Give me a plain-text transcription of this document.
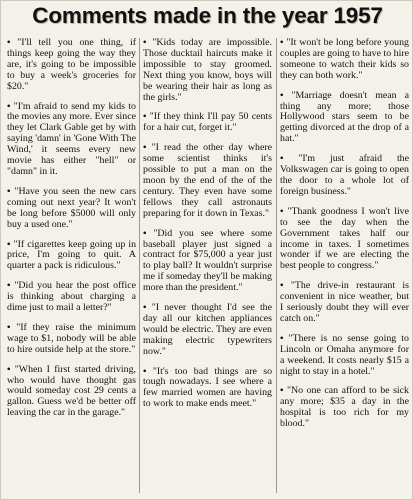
Comments made in the year 1957

• "I'll tell you one thing, if things keep going the way they are, it's going to be impossible to buy a week's groceries for $20."

• "I'm afraid to send my kids to the movies any more. Ever since they let Clark Gable get by with saying 'damn' in 'Gone With The Wind,' it seems every new movie has either "hell" or "damn" in it.

• "Have you seen the new cars coming out next year? It won't be long before $5000 will only buy a used one."

• "If cigarettes keep going up in price, I'm going to quit. A quarter a pack is ridiculous."

• "Did you hear the post office is thinking about charging a dime just to mail a letter?"

• "If they raise the minimum wage to $1, nobody will be able to hire outside help at the store."

• "When I first started driving, who would have thought gas would someday cost 29 cents a gallon. Guess we'd be better off leaving the car in the garage."

• "Kids today are impossible. Those ducktail haircuts make it impossible to stay groomed. Next thing you know, boys will be wearing their hair as long as the girls."

• "If they think I'll pay 50 cents for a hair cut, forget it."

• "I read the other day where some scientist thinks it's possible to put a man on the moon by the end of the of the century. They even have some fellows they call astronauts preparing for it down in Texas."

• "Did you see where some baseball player just signed a contract for $75,000 a year just to play ball? It wouldn't surprise me if someday they'll be making more than the president."

• "I never thought I'd see the day all our kitchen appliances would be electric. They are even making electric typewriters now."

• "It's too bad things are so tough nowadays. I see where a few married women are having to work to make ends meet."

• "It won't be long before young couples are going to have to hire someone to watch their kids so they can both work."

• "Marriage doesn't mean a thing any more; those Hollywood stars seem to be getting divorced at the drop of a hat."

• "I'm just afraid the Volkswagen car is going to open the door to a whole lot of foreign business."

• "Thank goodness I won't live to see the day when the Government takes half our income in taxes. I sometimes wonder if we are electing the best people to congress."

• "The drive-in restaurant is convenient in nice weather, but I seriously doubt they will ever catch on."

• "There is no sense going to Lincoln or Omaha anymore for a weekend. It costs nearly $15 a night to stay in a hotel."

• "No one can afford to be sick any more; $35 a day in the hospital is too rich for my blood."
